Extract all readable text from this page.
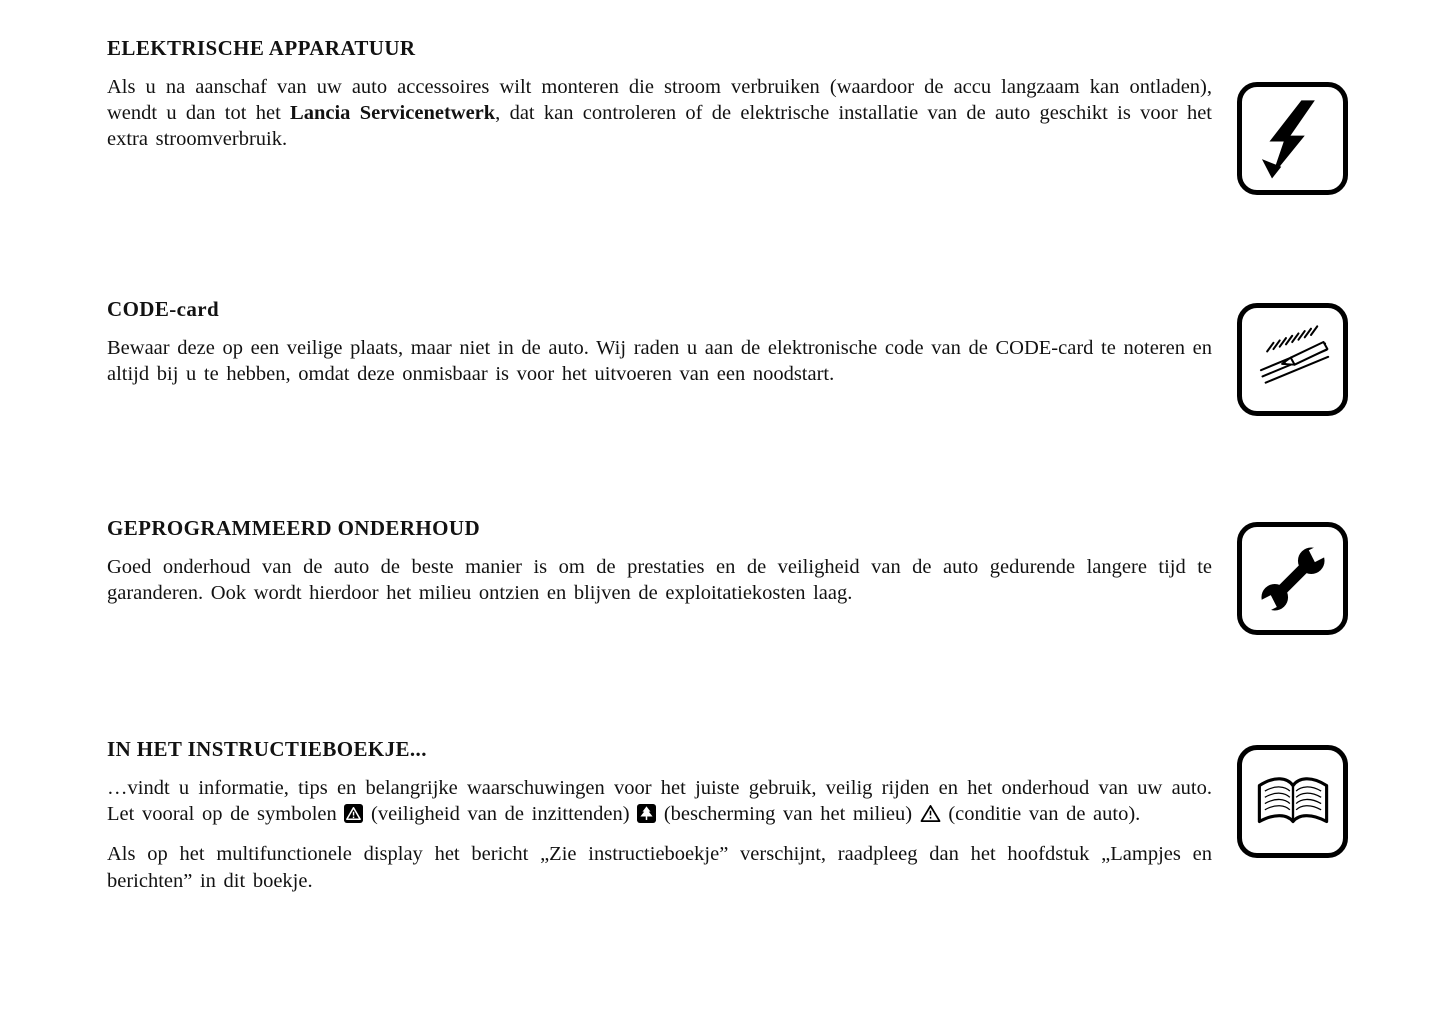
ELEKTRISCHE APPARATUUR

Als u na aanschaf van uw auto accessoires wilt monteren die stroom verbruiken (waardoor de accu langzaam kan ontladen), wendt u dan tot het Lancia Servicenetwerk, dat kan controleren of de elektrische installatie van de auto geschikt is voor het extra stroomverbruik.

CODE-card

Bewaar deze op een veilige plaats, maar niet in de auto. Wij raden u aan de elektronische code van de CODE-card te noteren en altijd bij u te hebben, omdat deze onmisbaar is voor het uitvoeren van een noodstart.

GEPROGRAMMEERD ONDERHOUD

Goed onderhoud van de auto de beste manier is om de prestaties en de veiligheid van de auto gedurende langere tijd te garanderen. Ook wordt hierdoor het milieu ontzien en blijven de exploitatiekosten laag.

IN HET INSTRUCTIEBOEKJE...

…vindt u informatie, tips en belangrijke waarschuwingen voor het juiste gebruik, veilig rijden en het onderhoud van uw auto. Let vooral op de symbolen  (veiligheid van de inzittenden)  (bescherming van het milieu)  (conditie van de auto).

Als op het multifunctionele display het bericht „Zie instructieboekje” verschijnt, raadpleeg dan het hoofdstuk „Lampjes en berichten” in dit boekje.
